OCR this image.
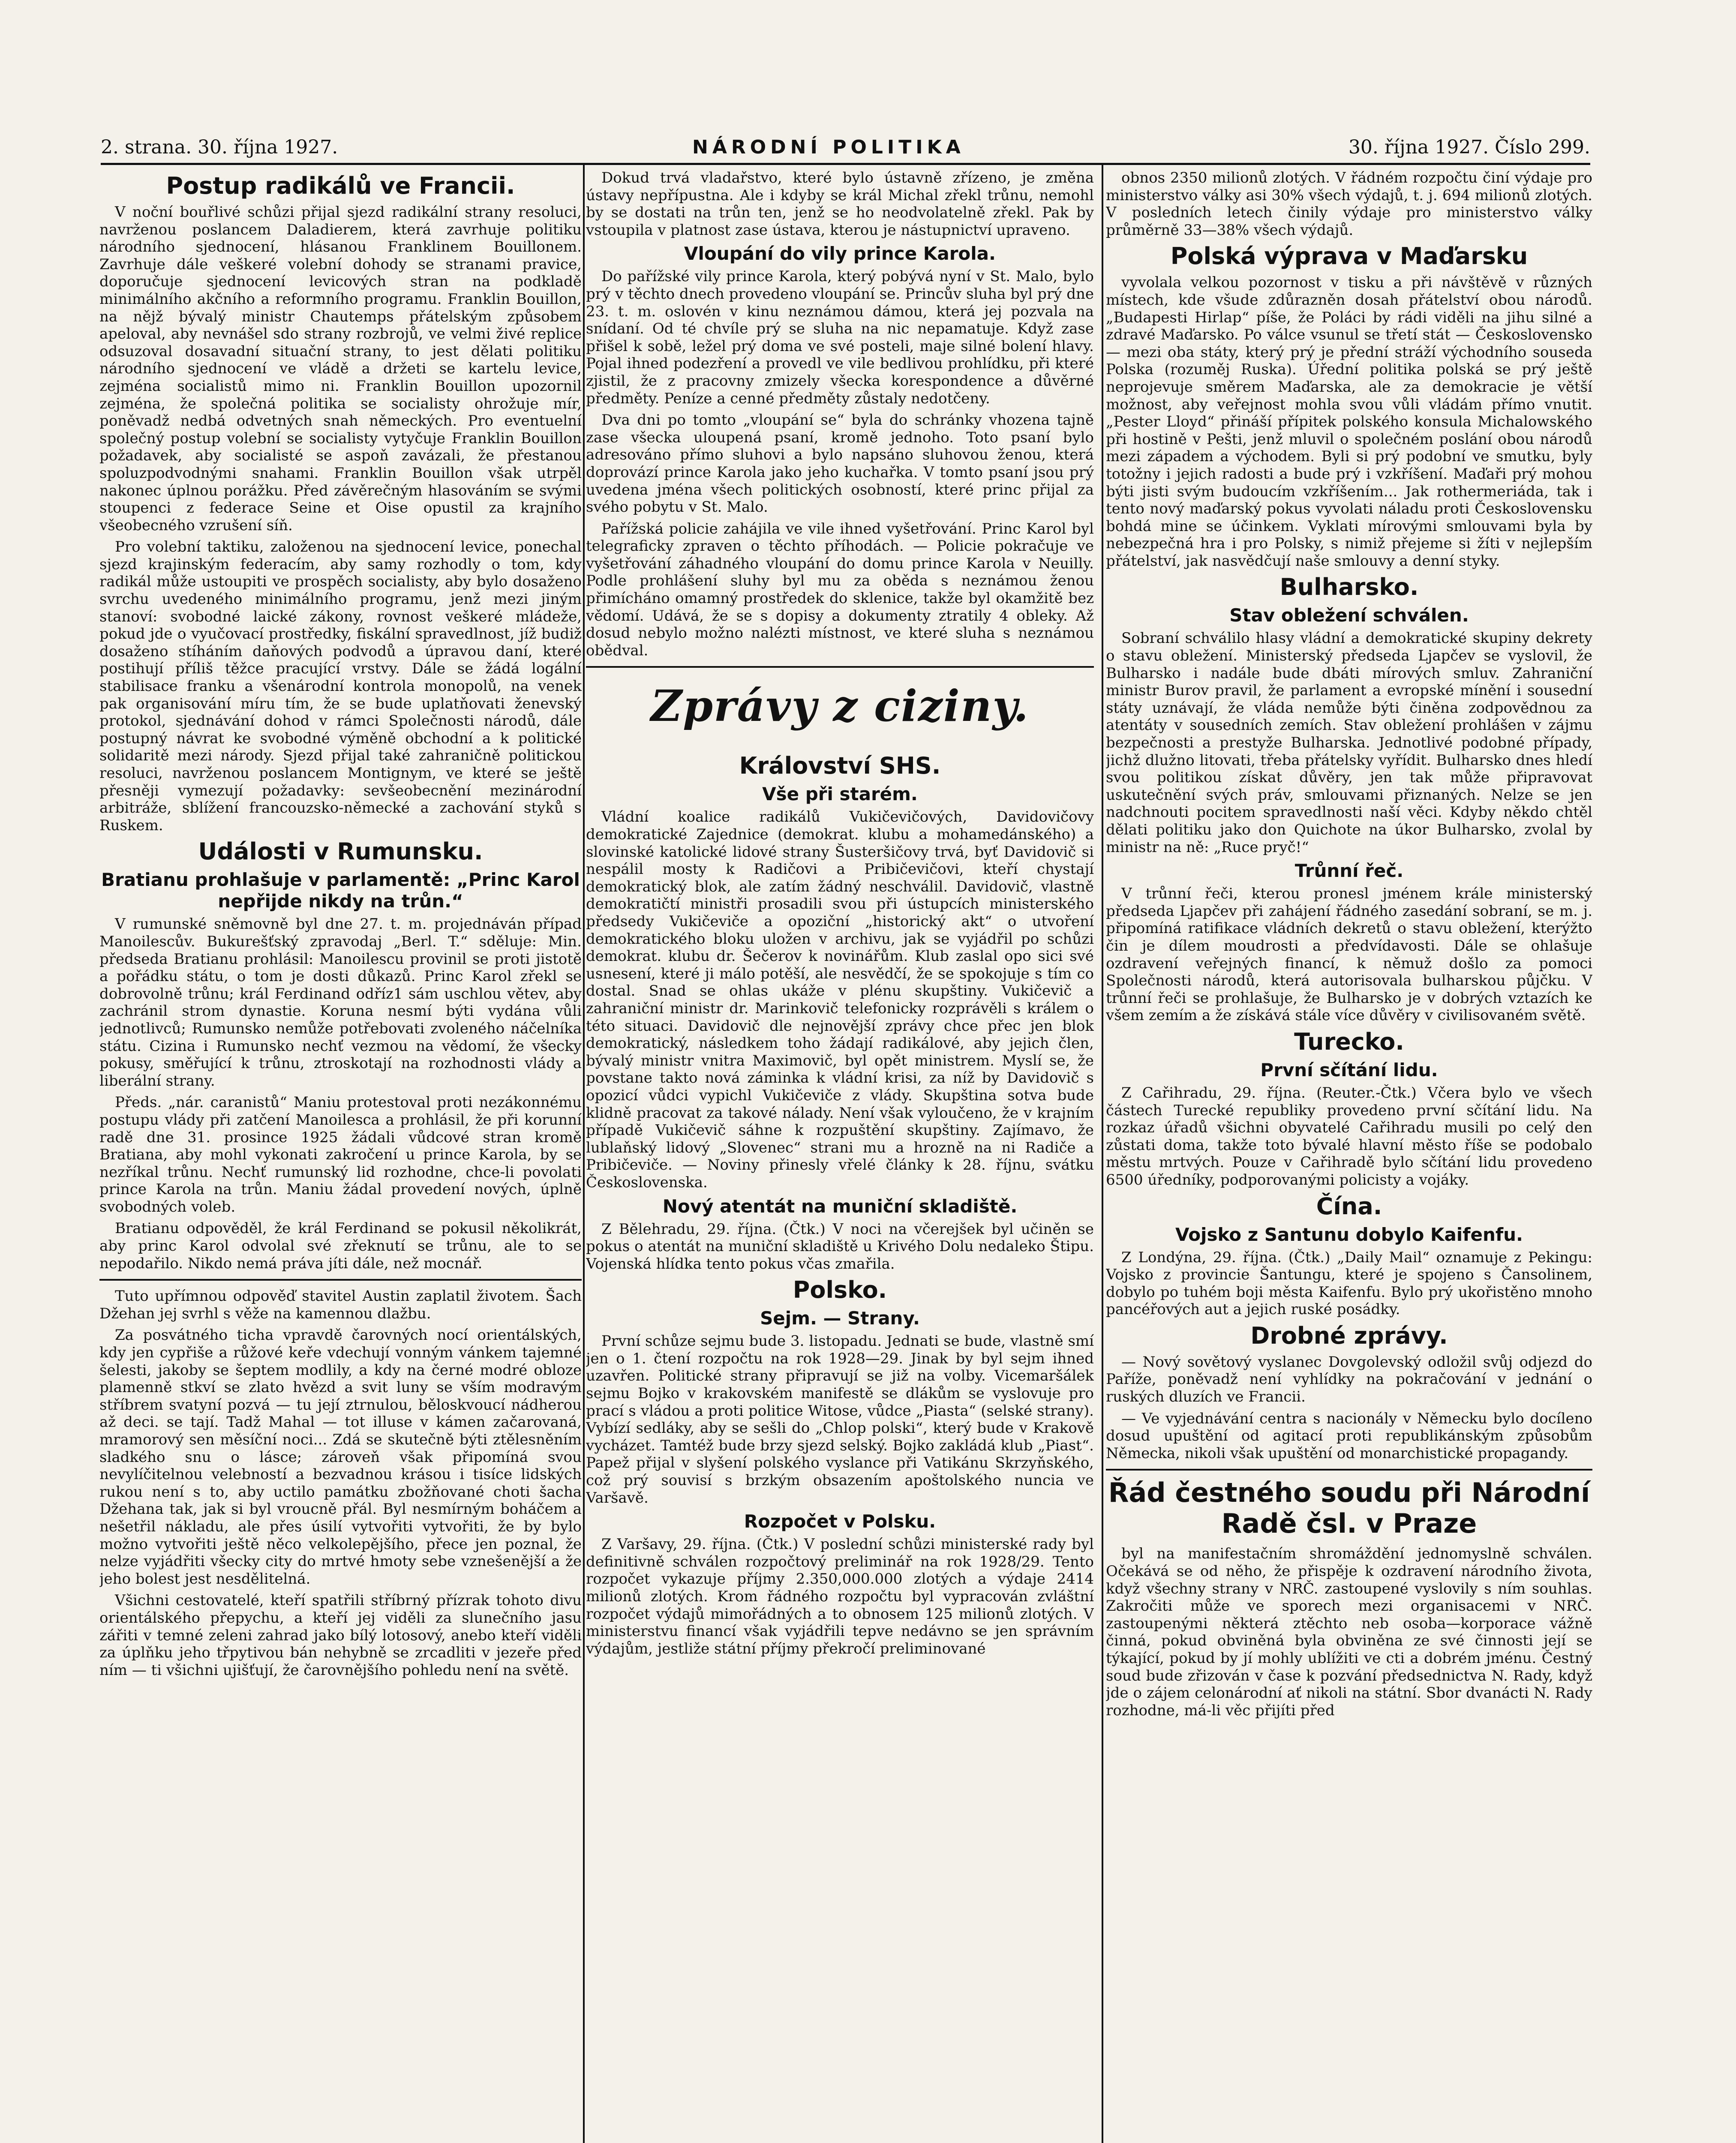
2. strana. 30. října 1927.	NÁRODNÍ POLITIKA	30. října 1927. Číslo 299.
Postup radikálů ve Francii.

V noční bouřlivé schůzi přijal sjezd radikální strany resoluci, navrženou poslancem Daladierem, která zavrhuje politiku národního sjednocení, hlásanou Franklinem Bouillonem. Zavrhuje dále veškeré volební dohody se stranami pravice, doporučuje sjednocení levicových stran na podkladě minimálního akčního a reformního programu. Franklin Bouillon, na nějž bývalý ministr Chautemps přátelským způsobem apeloval, aby nevnášel sdo strany rozbrojů, ve velmi živé replice odsuzoval dosavadní situační strany, to jest dělati politiku národního sjednocení ve vládě a držeti se kartelu levice, zejména socialistů mimo ni. Franklin Bouillon upozornil zejména, že společná politika se socialisty ohrožuje mír, poněvadž nedbá odvetných snah německých. Pro eventuelní společný postup volební se socialisty vytyčuje Franklin Bouillon požadavek, aby socialisté se aspoň zavázali, že přestanou spoluzpodvodnými snahami. Franklin Bouillon však utrpěl nakonec úplnou porážku. Před závěrečným hlasováním se svými stoupenci z federace Seine et Oise opustil za krajního všeobecného vzrušení síň.

Pro volební taktiku, založenou na sjednocení levice, ponechal sjezd krajinským federacím, aby samy rozhodly o tom, kdy radikál může ustoupiti ve prospěch socialisty, aby bylo dosaženo svrchu uvedeného minimálního programu, jenž mezi jiným stanoví: svobodné laické zákony, rovnost veškeré mládeže, pokud jde o vyučovací prostředky, fiskální spravedlnost, jíž budiž dosaženo stíháním daňových podvodů a úpravou daní, které postihují příliš těžce pracující vrstvy. Dále se žádá logální stabilisace franku a všenárodní kontrola monopolů, na venek pak organisování míru tím, že se bude uplatňovati ženevský protokol, sjednávání dohod v rámci Společnosti národů, dále postupný návrat ke svobodné výměně obchodní a k politické solidaritě mezi národy. Sjezd přijal také zahraničně politickou resoluci, navrženou poslancem Montignym, ve které se ještě přesněji vymezují požadavky: sevšeobecnění mezinárodní arbitráže, sblížení francouzsko-německé a zachování styků s Ruskem.

Události v Rumunsku.
Bratianu prohlašuje v parlamentě: „Princ Karol nepřijde nikdy na trůn.“

V rumunské sněmovně byl dne 27. t. m. projednáván případ Manoilescův. Bukurešťský zpravodaj „Berl. T.“ sděluje: Min. předseda Bratianu prohlásil: Manoilescu provinil se proti jistotě a pořádku státu, o tom je dosti důkazů. Princ Karol zřekl se dobrovolně trůnu; král Ferdinand odříz1 sám uschlou větev, aby zachránil strom dynastie. Koruna nesmí býti vydána vůli jednotlivců; Rumunsko nemůže potřebovati zvoleného náčelníka státu. Cizina i Rumunsko nechť vezmou na vědomí, že všecky pokusy, směřující k trůnu, ztroskotají na rozhodnosti vlády a liberální strany.

Předs. „nár. caranistů“ Maniu protestoval proti nezákonnému postupu vlády při zatčení Manoilesca a prohlásil, že při korunní radě dne 31. prosince 1925 žádali vůdcové stran kromě Bratiana, aby mohl vykonati zakročení u prince Karola, by se nezříkal trůnu. Nechť rumunský lid rozhodne, chce-li povolati prince Karola na trůn. Maniu žádal provedení nových, úplně svobodných voleb.

Bratianu odpověděl, že král Ferdinand se pokusil několikrát, aby princ Karol odvolal své zřeknutí se trůnu, ale to se nepodařilo. Nikdo nemá práva jíti dále, než mocnář.

Tuto upřímnou odpověď stavitel Austin zaplatil životem. Šach Džehan jej svrhl s věže na kamennou dlažbu.

Za posvátného ticha vpravdě čarovných nocí orientálských, kdy jen cypřiše a růžové keře vdechují vonným vánkem tajemné šelesti, jakoby se šeptem modlily, a kdy na černé modré obloze plamenně stkví se zlato hvězd a svit luny se vším modravým stříbrem svatyní pozvá — tu její ztrnulou, běloskvoucí nádherou až deci. se tají. Tadž Mahal — tot illuse v kámen začarovaná, mramorový sen měsíční noci... Zdá se skutečně býti ztělesněním sladkého snu o lásce; zároveň však připomíná svou nevylíčitelnou velebností a bezvadnou krásou i tisíce lidských rukou není s to, aby uctilo památku zbožňované choti šacha Džehana tak, jak si byl vroucně přál. Byl nesmírným boháčem a nešetřil nákladu, ale přes úsilí vytvořiti vytvořiti, že by bylo možno vytvořiti ještě něco velkolepějšího, přece jen poznal, že nelze vyjádřiti všecky city do mrtvé hmoty sebe vznešenější a že jeho bolest jest nesdělitelná.

Všichni cestovatelé, kteří spatřili stříbrný přízrak tohoto divu orientálského přepychu, a kteří jej viděli za slunečního jasu zářiti v temné zeleni zahrad jako bílý lotosový, anebo kteří viděli za úplňku jeho třpytivou bán nehybně se zrcadliti v jezeře před ním — ti všichni ujišťují, že čarovnějšího pohledu není na světě.

Dokud trvá vladařstvo, které bylo ústavně zřízeno, je změna ústavy nepřípustna. Ale i kdyby se král Michal zřekl trůnu, nemohl by se dostati na trůn ten, jenž se ho neodvolatelně zřekl. Pak by vstoupila v platnost zase ústava, kterou je nástupnictví upraveno.

Vloupání do vily prince Karola.

Do pařížské vily prince Karola, který pobývá nyní v St. Malo, bylo prý v těchto dnech provedeno vloupání se. Princův sluha byl prý dne 23. t. m. oslovén v kinu neznámou dámou, která jej pozvala na snídaní. Od té chvíle prý se sluha na nic nepamatuje. Když zase přišel k sobě, ležel prý doma ve své posteli, maje silné bolení hlavy. Pojal ihned podezření a provedl ve vile bedlivou prohlídku, při které zjistil, že z pracovny zmizely všecka korespondence a důvěrné předměty. Peníze a cenné předměty zůstaly nedotčeny.

Dva dni po tomto „vloupání se“ byla do schránky vhozena tajně zase všecka uloupená psaní, kromě jednoho. Toto psaní bylo adresováno přímo sluhovi a bylo napsáno sluhovou ženou, která doprovází prince Karola jako jeho kuchařka. V tomto psaní jsou prý uvedena jména všech politických osobností, které princ přijal za svého pobytu v St. Malo.

Pařížská policie zahájila ve vile ihned vyšetřování. Princ Karol byl telegraficky zpraven o těchto příhodách. — Policie pokračuje ve vyšetřování záhadného vloupání do domu prince Karola v Neuilly. Podle prohlášení sluhy byl mu za oběda s neznámou ženou přimícháno omamný prostředek do sklenice, takže byl okamžitě bez vědomí. Udává, že se s dopisy a dokumenty ztratily 4 obleky. Až dosud nebylo možno nalézti místnost, ve které sluha s neznámou obědval.

Zprávy z ciziny.
Království SHS.
Vše při starém.

Vládní koalice radikálů Vukičevičových, Davidovičovy demokratické Zajednice (demokrat. klubu a mohamedánského) a slovinské katolické lidové strany Šusteršičovy trvá, byť Davidovič si nespálil mosty k Radičovi a Pribičevičovi, kteří chystají demokratický blok, ale zatím žádný neschválil. Davidovič, vlastně demokratičtí ministři prosadili svou při ústupcích ministerského předsedy Vukičeviče a opoziční „historický akt“ o utvoření demokratického bloku uložen v archivu, jak se vyjádřil po schůzi demokrat. klubu dr. Šečerov k novinářům. Klub zaslal opo sici své usnesení, které ji málo potěší, ale nesvědčí, že se spokojuje s tím co dostal. Snad se ohlas ukáže v plénu skupštiny. Vukičevič a zahraniční ministr dr. Marinkovič telefonicky rozprávěli s králem o této situaci. Davidovič dle nejnovější zprávy chce přec jen blok demokratický, následkem toho žádají radikálové, aby jejich člen, bývalý ministr vnitra Maximovič, byl opět ministrem. Myslí se, že povstane takto nová záminka k vládní krisi, za níž by Davidovič s opozicí vůdci vypichl Vukičeviče z vlády. Skupština sotva bude klidně pracovat za takové nálady. Není však vyloučeno, že v krajním případě Vukičevič sáhne k rozpuštění skupštiny. Zajímavo, že lublaňský lidový „Slovenec“ strani mu a hrozně na ni Radiče a Pribičeviče. — Noviny přinesly vřelé články k 28. říjnu, svátku Československa.

Nový atentát na muniční skladiště.

Z Bělehradu, 29. října. (Čtk.) V noci na včerejšek byl učiněn se pokus o atentát na muniční skladiště u Krivého Dolu nedaleko Štipu. Vojenská hlídka tento pokus včas zmařila.

Polsko.
Sejm. — Strany.

První schůze sejmu bude 3. listopadu. Jednati se bude, vlastně smí jen o 1. čtení rozpočtu na rok 1928—29. Jinak by byl sejm ihned uzavřen. Politické strany připravují se již na volby. Vicemaršálek sejmu Bojko v krakovském manifestě se dlákům se vyslovuje pro prací s vládou a proti politice Witose, vůdce „Piasta“ (selské strany). Vybízí sedláky, aby se sešli do „Chlop polski“, který bude v Krakově vycházet. Tamtéž bude brzy sjezd selský. Bojko zakládá klub „Piast“. Papež přijal v slyšení polského vyslance při Vatikánu Skrzyňského, což prý souvisí s brzkým obsazením apoštolského nuncia ve Varšavě.

Rozpočet v Polsku.

Z Varšavy, 29. října. (Čtk.) V poslední schůzi ministerské rady byl definitivně schválen rozpočtový preliminář na rok 1928/29. Tento rozpočet vykazuje příjmy 2.350,000.000 zlotých a výdaje 2414 milionů zlotých. Krom řádného rozpočtu byl vypracován zvláštní rozpočet výdajů mimořádných a to obnosem 125 milionů zlotých. V ministerstvu financí však vyjádřili tepve nedávno se jen správním výdajům, jestliže státní příjmy překročí preliminované

obnos 2350 milionů zlotých. V řádném rozpočtu činí výdaje pro ministerstvo války asi 30% všech výdajů, t. j. 694 milionů zlotých. V posledních letech činily výdaje pro ministerstvo války průměrně 33—38% všech výdajů.

Polská výprava v Maďarsku

vyvolala velkou pozornost v tisku a při návštěvě v různých místech, kde všude zdůrazněn dosah přátelství obou národů. „Budapesti Hirlap“ píše, že Poláci by rádi viděli na jihu silné a zdravé Maďarsko. Po válce vsunul se třetí stát — Československo — mezi oba státy, který prý je přední stráží východního souseda Polska (rozuměj Ruska). Úřední politika polská se prý ještě neprojevuje směrem Maďarska, ale za demokracie je větší možnost, aby veřejnost mohla svou vůli vládám přímo vnutit. „Pester Lloyd“ přináší přípitek polského konsula Michalowského při hostině v Pešti, jenž mluvil o společném poslání obou národů mezi západem a východem. Byli si prý podobní ve smutku, byly totožny i jejich radosti a bude prý i vzkříšení. Maďaři prý mohou býti jisti svým budoucím vzkříšením... Jak rothermeriáda, tak i tento nový maďarský pokus vyvolati náladu proti Československu bohdá mine se účinkem. Vyklati mírovými smlouvami byla by nebezpečná hra i pro Polsky, s nimiž přejeme si žíti v nejlepším přátelství, jak nasvědčují naše smlouvy a denní styky.

Bulharsko.
Stav obležení schválen.

Sobraní schválilo hlasy vládní a demokratické skupiny dekrety o stavu obležení. Ministerský předseda Ljapčev se vyslovil, že Bulharsko i nadále bude dbáti mírových smluv. Zahraniční ministr Burov pravil, že parlament a evropské mínění i sousední státy uznávají, že vláda nemůže býti činěna zodpovědnou za atentáty v sousedních zemích. Stav obležení prohlášen v zájmu bezpečnosti a prestyže Bulharska. Jednotlivé podobné případy, jichž dlužno litovati, třeba přátelsky vyřídit. Bulharsko dnes hledí svou politikou získat důvěry, jen tak může připravovat uskutečnění svých práv, smlouvami přiznaných. Nelze se jen nadchnouti pocitem spravedlnosti naší věci. Kdyby někdo chtěl dělati politiku jako don Quichote na úkor Bulharsko, zvolal by ministr na ně: „Ruce pryč!“

Trůnní řeč.

V trůnní řeči, kterou pronesl jménem krále ministerský předseda Ljapčev při zahájení řádného zasedání sobraní, se m. j. připomíná ratifikace vládních dekretů o stavu obležení, kterýžto čin je dílem moudrosti a předvídavosti. Dále se ohlašuje ozdravení veřejných financí, k němuž došlo za pomoci Společnosti národů, která autorisovala bulharskou půjčku. V trůnní řeči se prohlašuje, že Bulharsko je v dobrých vztazích ke všem zemím a že získává stále více důvěry v civilisovaném světě.

Turecko.
První sčítání lidu.

Z Cařihradu, 29. října. (Reuter.-Čtk.) Včera bylo ve všech částech Turecké republiky provedeno první sčítání lidu. Na rozkaz úřadů všichni obyvatelé Cařihradu musili po celý den zůstati doma, takže toto bývalé hlavní město říše se podobalo městu mrtvých. Pouze v Cařihradě bylo sčítání lidu provedeno 6500 úředníky, podporovanými policisty a vojáky.

Čína.
Vojsko z Santunu dobylo Kaifenfu.

Z Londýna, 29. října. (Čtk.) „Daily Mail“ oznamuje z Pekingu: Vojsko z provincie Šantungu, které je spojeno s Čansolinem, dobylo po tuhém boji města Kaifenfu. Bylo prý ukořistěno mnoho pancéřových aut a jejich ruské posádky.

Drobné zprávy.

— Nový sovětový vyslanec Dovgolevský odložil svůj odjezd do Paříže, poněvadž není vyhlídky na pokračování v jednání o ruských dluzích ve Francii.

— Ve vyjednávání centra s nacionály v Německu bylo docíleno dosud upuštění od agitací proti republikánským způsobům Německa, nikoli však upuštění od monarchistické propagandy.

Řád čestného soudu při Národní Radě čsl. v Praze

byl na manifestačním shromáždění jednomyslně schválen. Očekává se od něho, že přispěje k ozdravení národního života, když všechny strany v NRČ. zastoupené vyslovily s ním souhlas. Zakročiti může ve sporech mezi organisacemi v NRČ. zastoupenými některá ztěchto neb osoba—korporace vážně činná, pokud obviněná byla obviněna ze své činnosti její se týkající, pokud by jí mohly ublížiti ve cti a dobrém jménu. Čestný soud bude zřizován v čase k pozvání předsednictva N. Rady, když jde o zájem celonárodní ať nikoli na státní. Sbor dvanácti N. Rady rozhodne, má-li věc přijíti před
